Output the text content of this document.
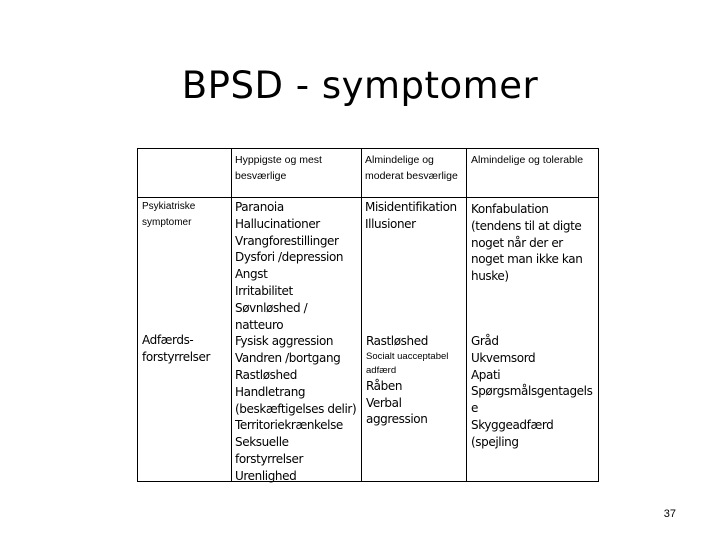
BPSD - symptomer
Hyppigste og mest
besværlige
Almindelige og
moderat besværlige
Almindelige og tolerable
Psykiatriske
symptomer
Adfærds-
forstyrrelser
Paranoia
Hallucinationer
Vrangforestillinger
Dysfori /depression
Angst
Irritabilitet
Søvnløshed /
natteuro
Fysisk aggression
Vandren /bortgang
Rastløshed
Handletrang
(beskæftigelses delir)
Territoriekrænkelse
Seksuelle
forstyrrelser
Urenlighed
Misidentifikation
Illusioner
Rastløshed
Socialt uacceptabel
adfærd
Råben
Verbal
aggression
Konfabulation
(tendens til at digte
noget når der er
noget man ikke kan
huske)
Gråd
Ukvemsord
Apati
Spørgsmålsgentagels
e
Skyggeadfærd
(spejling
37
